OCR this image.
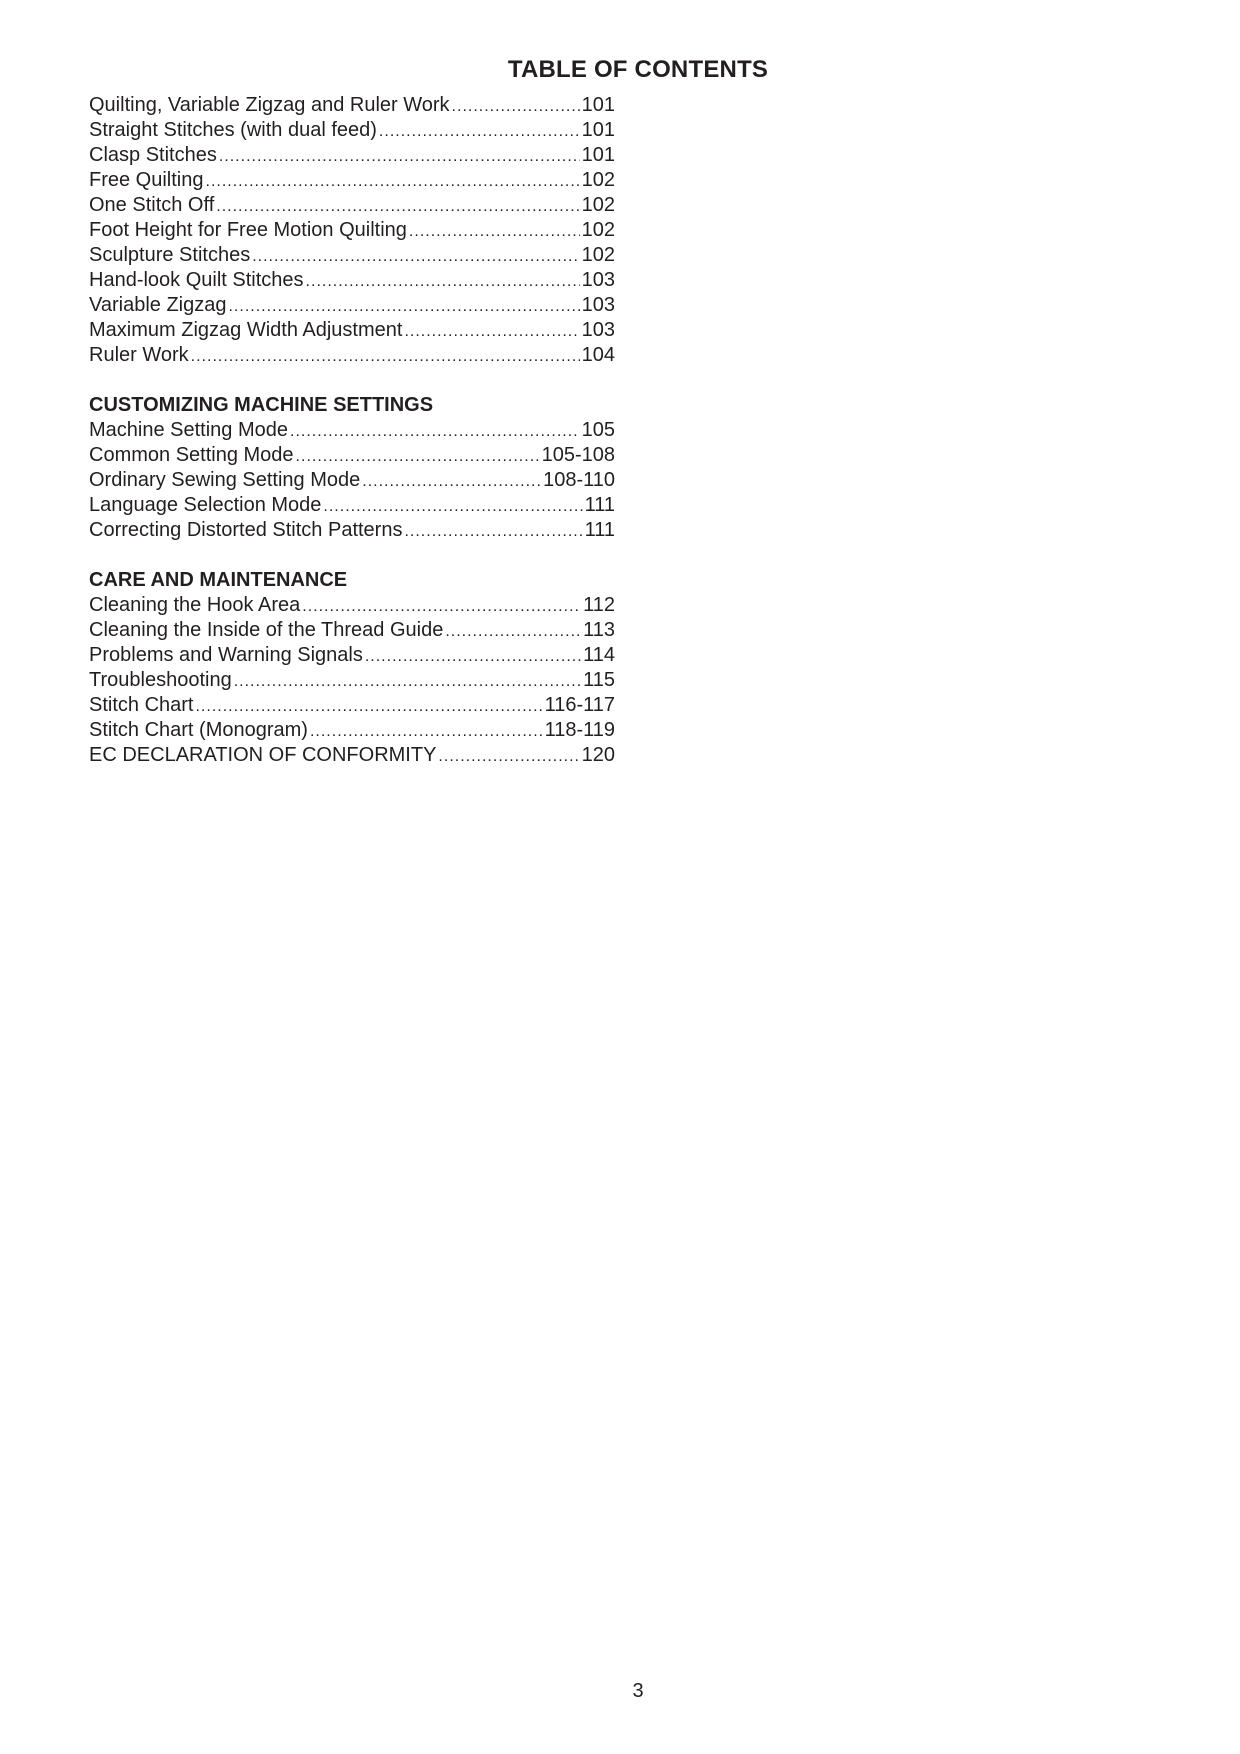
TABLE OF CONTENTS
Quilting, Variable Zigzag and Ruler Work .....	101
Straight Stitches (with dual feed) .....	101
Clasp Stitches .....	101
Free Quilting .....	102
One Stitch Off .....	102
Foot Height for Free Motion Quilting .....	102
Sculpture Stitches .....	102
Hand-look Quilt Stitches .....	103
Variable Zigzag .....	103
Maximum Zigzag Width Adjustment .....	103
Ruler Work .....	104
CUSTOMIZING MACHINE SETTINGS
Machine Setting Mode .....	105
Common Setting Mode .....	105-108
Ordinary Sewing Setting Mode .....	108-110
Language Selection Mode .....	111
Correcting Distorted Stitch Patterns .....	111
CARE AND MAINTENANCE
Cleaning the Hook Area .....	112
Cleaning the Inside of the Thread Guide .....	113
Problems and Warning Signals .....	114
Troubleshooting .....	115
Stitch Chart .....	116-117
Stitch Chart (Monogram) .....	118-119
EC DECLARATION OF CONFORMITY .....	120
3
